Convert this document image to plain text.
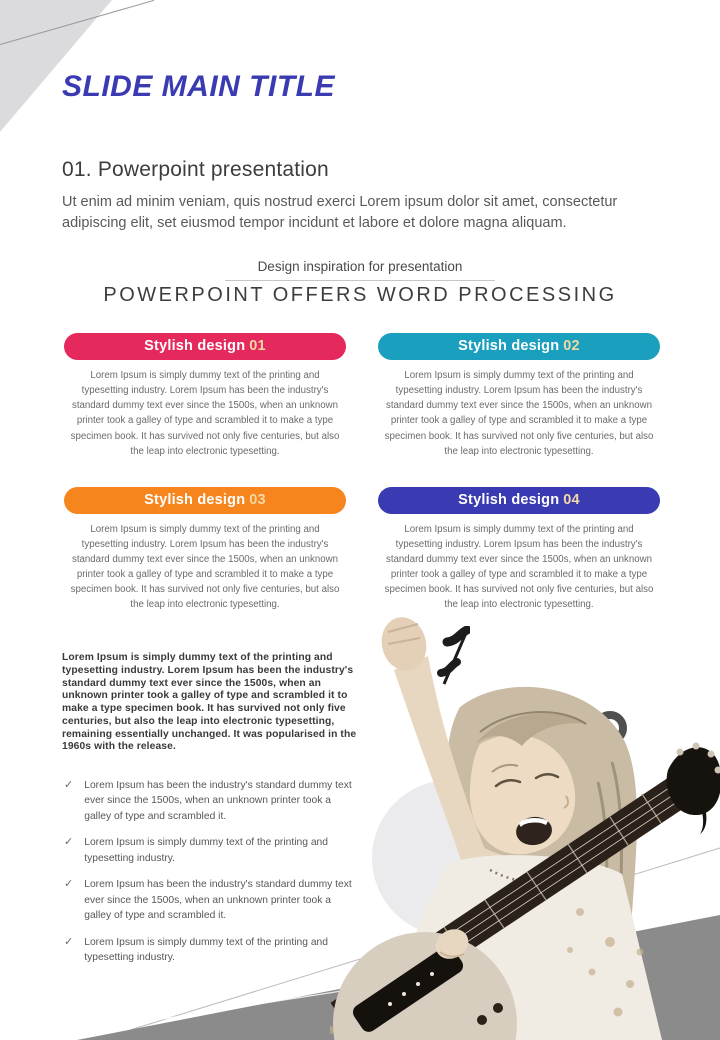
SLIDE MAIN TITLE
01. Powerpoint presentation
Ut enim ad minim veniam, quis nostrud exerci Lorem ipsum dolor sit amet, consectetur adipiscing elit, set eiusmod tempor incidunt et labore et dolore magna aliquam.
Design inspiration for presentation
POWERPOINT OFFERS WORD PROCESSING
Stylish design 01
Lorem Ipsum is simply dummy text of the printing and typesetting industry. Lorem Ipsum has been the industry's standard dummy text ever since the 1500s, when an unknown printer took a galley of type and scrambled it to make a type specimen book. It has survived not only five centuries, but also the leap into electronic typesetting.
Stylish design 02
Lorem Ipsum is simply dummy text of the printing and typesetting industry. Lorem Ipsum has been the industry's standard dummy text ever since the 1500s, when an unknown printer took a galley of type and scrambled it to make a type specimen book. It has survived not only five centuries, but also the leap into electronic typesetting.
Stylish design 03
Lorem Ipsum is simply dummy text of the printing and typesetting industry. Lorem Ipsum has been the industry's standard dummy text ever since the 1500s, when an unknown printer took a galley of type and scrambled it to make a type specimen book. It has survived not only five centuries, but also the leap into electronic typesetting.
Stylish design 04
Lorem Ipsum is simply dummy text of the printing and typesetting industry. Lorem Ipsum has been the industry's standard dummy text ever since the 1500s, when an unknown printer took a galley of type and scrambled it to make a type specimen book. It has survived not only five centuries, but also the leap into electronic typesetting.
Lorem Ipsum is simply dummy text of the printing and typesetting industry. Lorem Ipsum has been the industry's standard dummy text ever since the 1500s, when an unknown printer took a galley of type and scrambled it to make a type specimen book. It has survived not only five centuries, but also the leap into electronic typesetting, remaining essentially unchanged. It was popularised in the 1960s with the release.
✓ Lorem Ipsum has been the industry's standard dummy text ever since the 1500s, when an unknown printer took a galley of type and scrambled it.
✓ Lorem Ipsum is simply dummy text of the printing and typesetting industry.
✓ Lorem Ipsum has been the industry's standard dummy text ever since the 1500s, when an unknown printer took a galley of type and scrambled it.
✓ Lorem Ipsum is simply dummy text of the printing and typesetting industry.
